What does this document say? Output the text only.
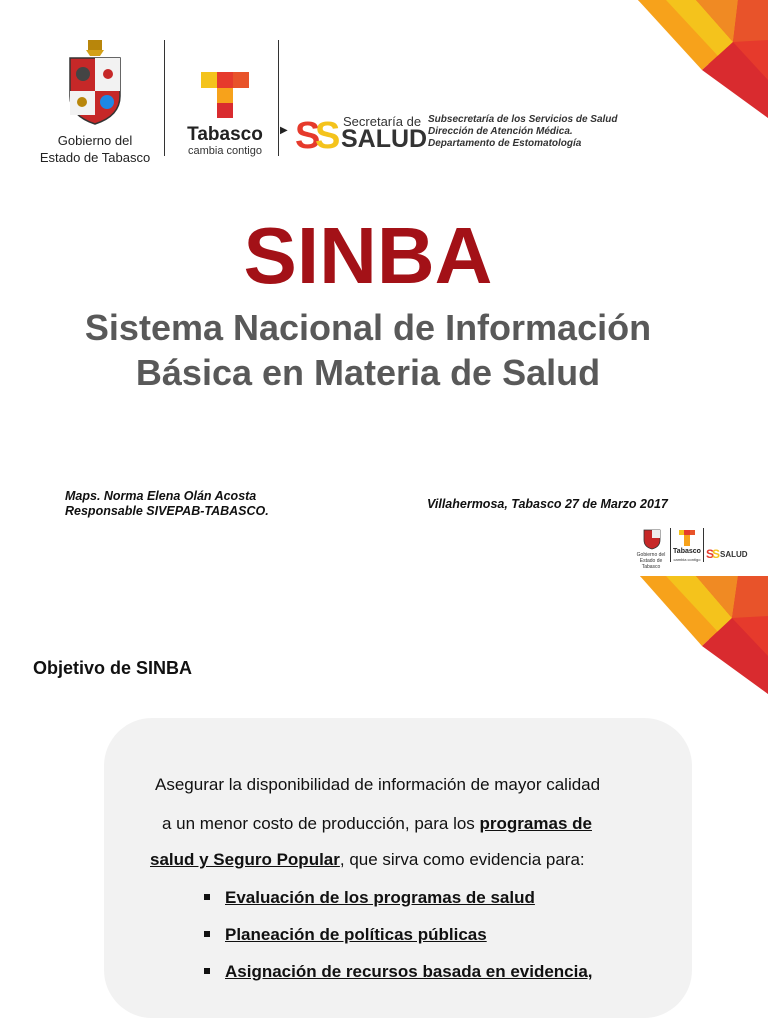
Gobierno del
Estado de Tabasco
Tabasco
cambia contigo
▶ S
S Secretaría de
SALUD
Subsecretaría de los Servicios de Salud
Dirección de Atención Médica.
Departamento de Estomatología
SINBA
Sistema Nacional de Información
Básica en Materia de Salud
Maps. Norma Elena Olán Acosta
Responsable SIVEPAB-TABASCO.	Villahermosa, Tabasco 27 de Marzo 2017
Gobierno del Estado de Tabasco
Tabasco
cambia contigo S
S SALUD
Objetivo de SINBA
Asegurar la disponibilidad de información de mayor calidad
a un menor costo de producción, para los programas de
salud y Seguro Popular, que sirva como evidencia para:
Evaluación de los programas de salud
Planeación de políticas públicas
Asignación de recursos basada en evidencia,
